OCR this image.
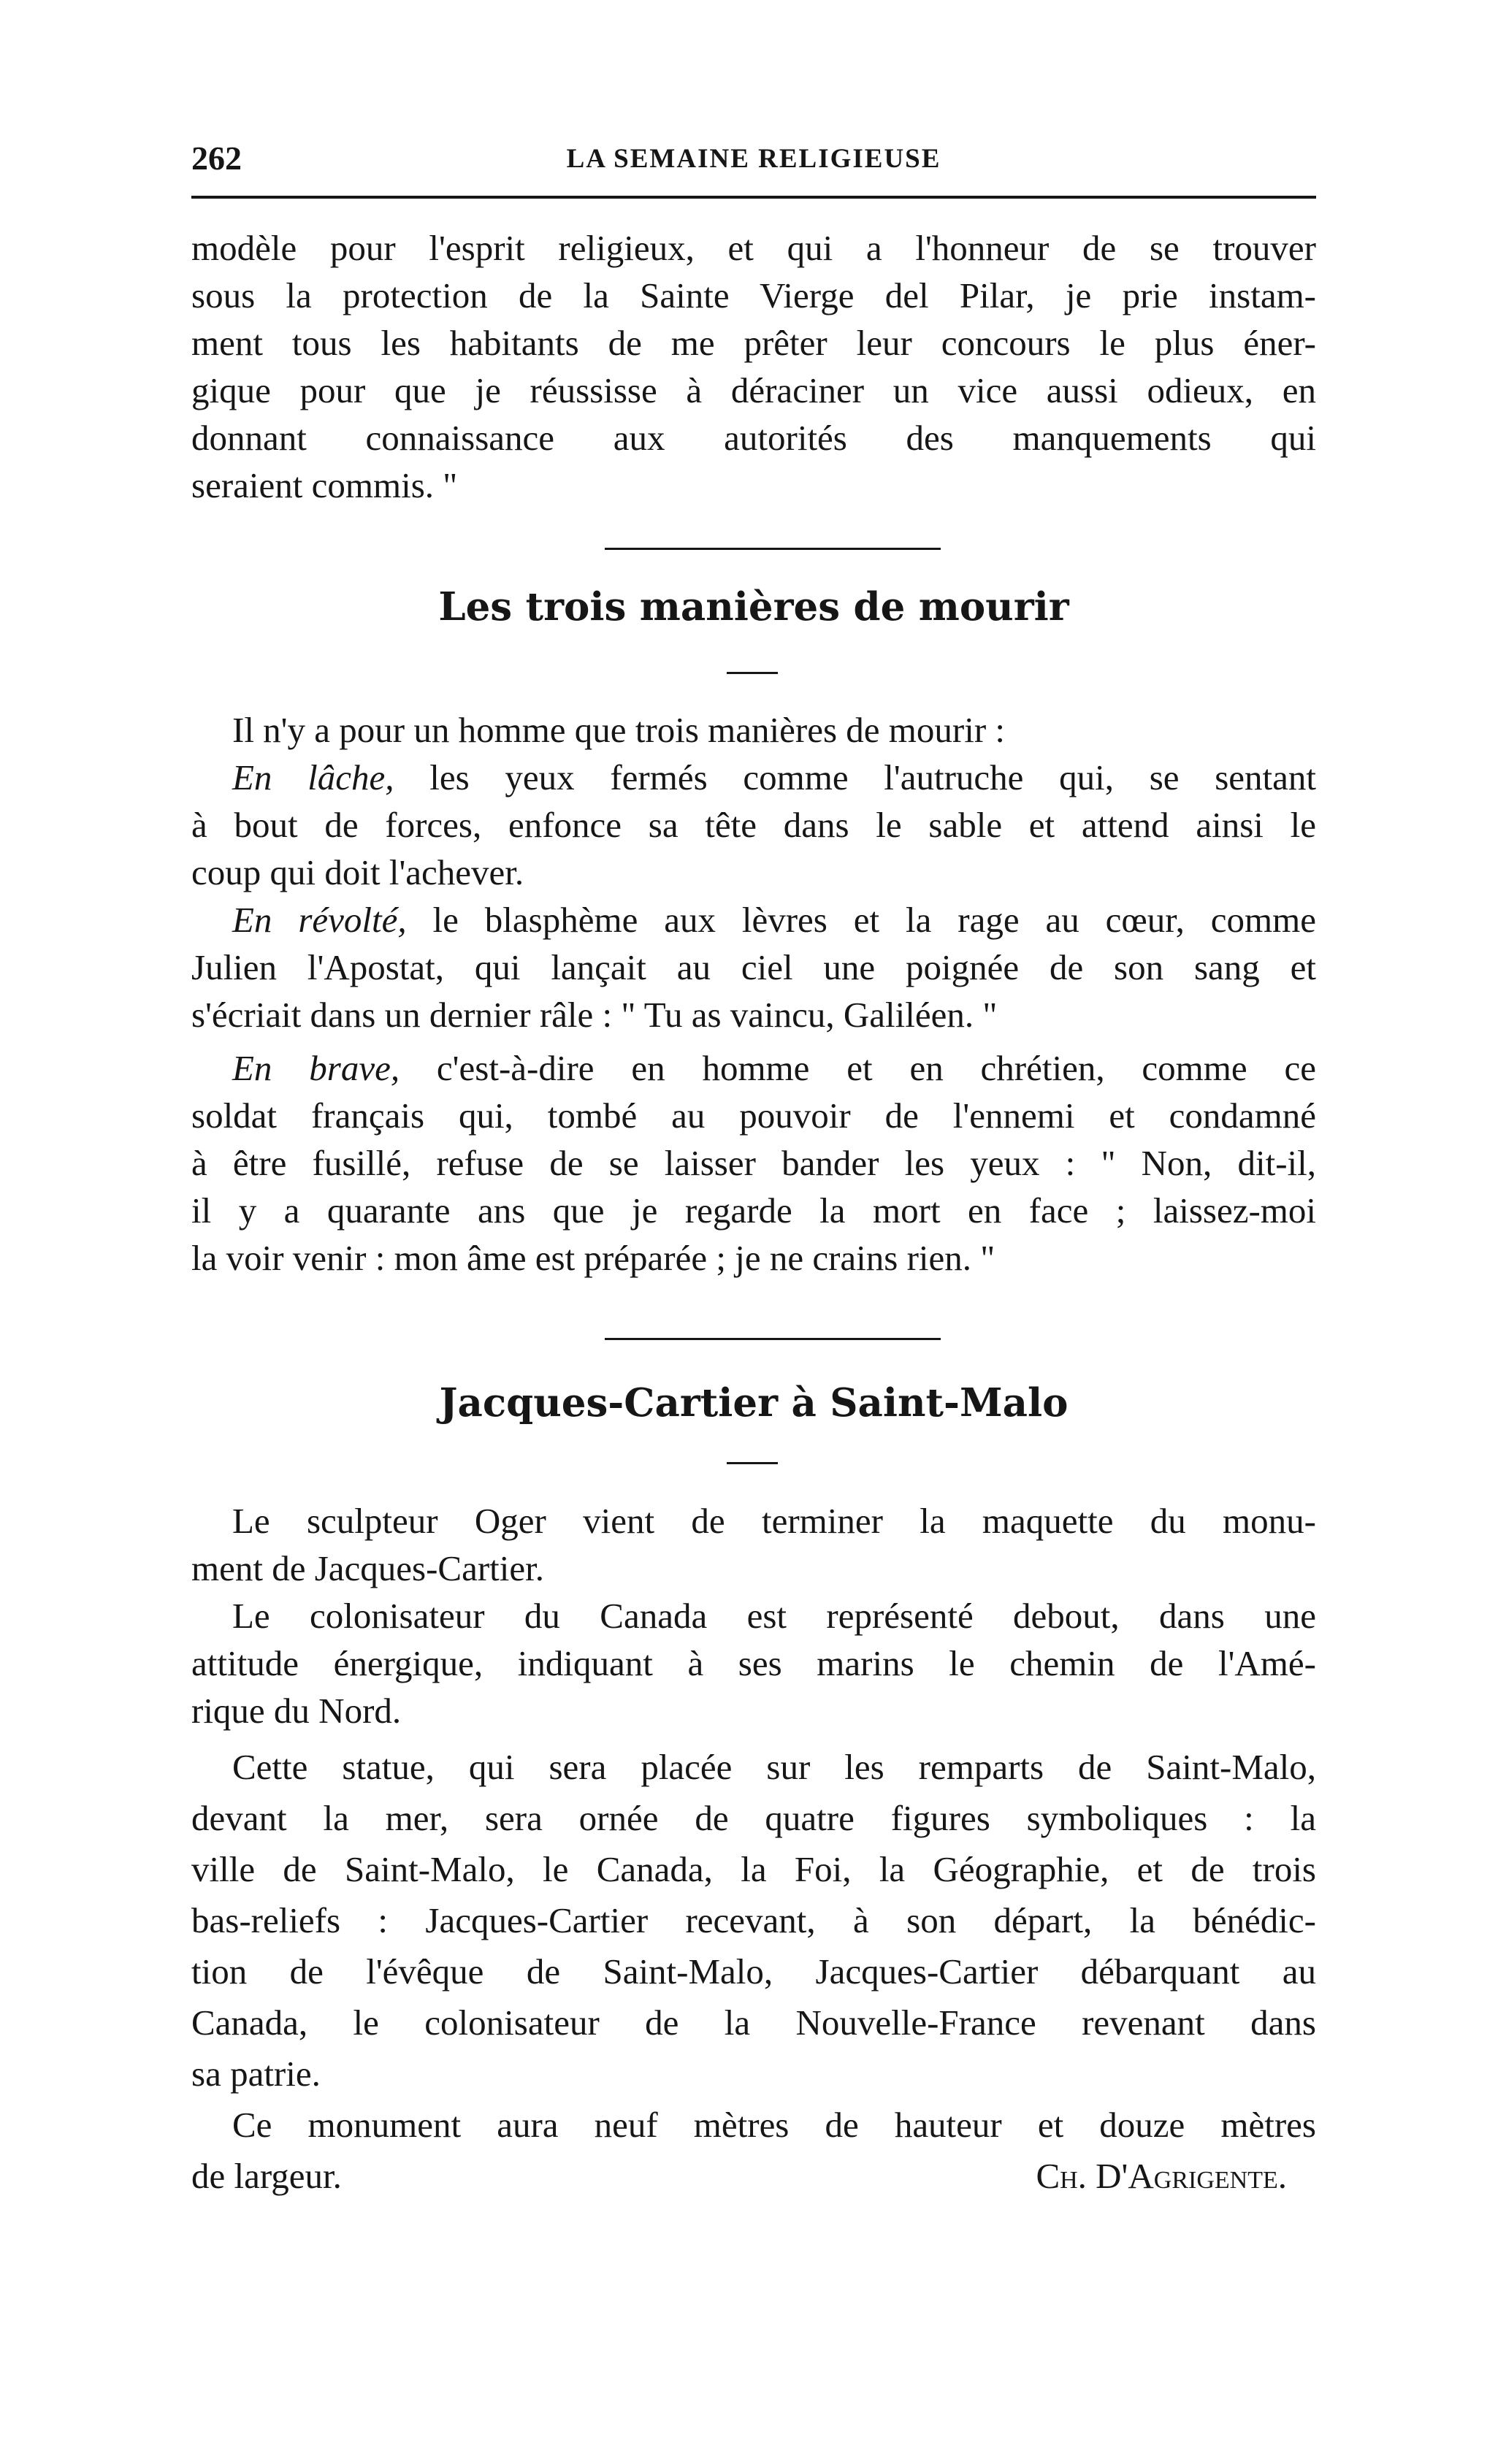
262	LA SEMAINE RELIGIEUSE
modèle pour l'esprit religieux, et qui a l'honneur de se trouver
sous la protection de la Sainte Vierge del Pilar, je prie instam-
ment tous les habitants de me prêter leur concours le plus éner-
gique pour que je réussisse à déraciner un vice aussi odieux, en
donnant connaissance aux autorités des manquements qui
seraient commis. "
Les trois manières de mourir
Il n'y a pour un homme que trois manières de mourir :
En lâche, les yeux fermés comme l'autruche qui, se sentant
à bout de forces, enfonce sa tête dans le sable et attend ainsi le
coup qui doit l'achever.
En révolté, le blasphème aux lèvres et la rage au cœur, comme
Julien l'Apostat, qui lançait au ciel une poignée de son sang et
s'écriait dans un dernier râle : " Tu as vaincu, Galiléen. "
En brave, c'est-à-dire en homme et en chrétien, comme ce
soldat français qui, tombé au pouvoir de l'ennemi et condamné
à être fusillé, refuse de se laisser bander les yeux : " Non, dit-il,
il y a quarante ans que je regarde la mort en face ; laissez-moi
la voir venir : mon âme est préparée ; je ne crains rien. "
Jacques-Cartier à Saint-Malo
Le sculpteur Oger vient de terminer la maquette du monu-
ment de Jacques-Cartier.
Le colonisateur du Canada est représenté debout, dans une
attitude énergique, indiquant à ses marins le chemin de l'Amé-
rique du Nord.
Cette statue, qui sera placée sur les remparts de Saint-Malo,
devant la mer, sera ornée de quatre figures symboliques : la
ville de Saint-Malo, le Canada, la Foi, la Géographie, et de trois
bas-reliefs : Jacques-Cartier recevant, à son départ, la bénédic-
tion de l'évêque de Saint-Malo, Jacques-Cartier débarquant au
Canada, le colonisateur de la Nouvelle-France revenant dans
sa patrie.
Ce monument aura neuf mètres de hauteur et douze mètres
de largeur.	Ch. D'Agrigente.
